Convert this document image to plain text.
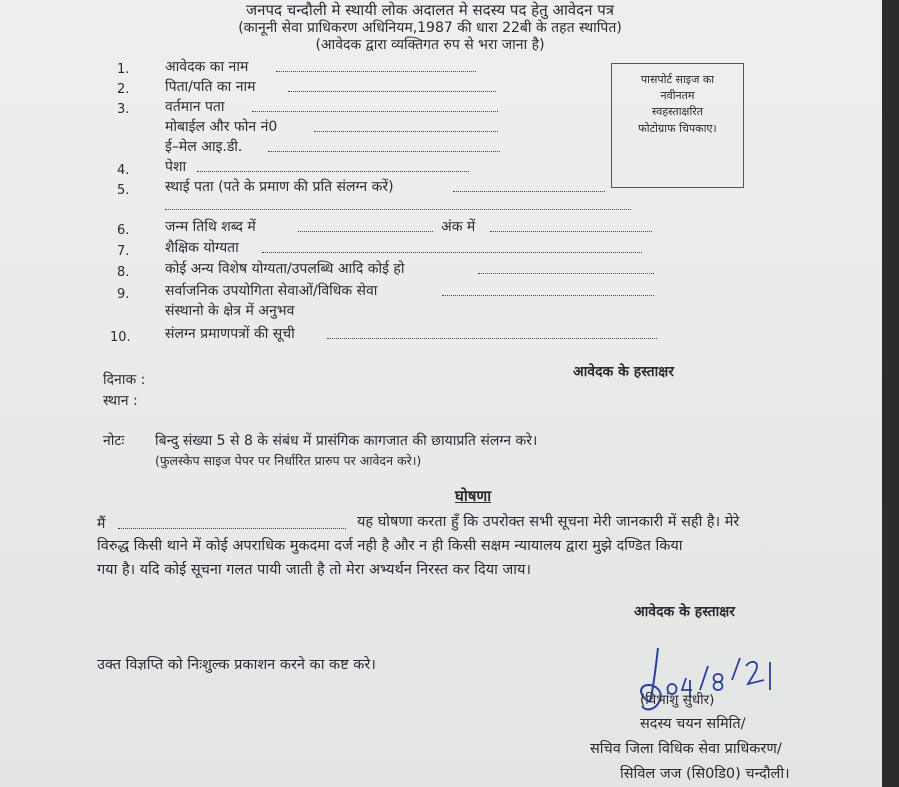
जनपद चन्दौली मे स्थायी लोक अदालत मे सदस्य पद हेतु आवेदन पत्र
(कानूनी सेवा प्राधिकरण अधिनियम,1987 की धारा 22बी के तहत स्थापित)
(आवेदक द्वारा व्यक्तिगत रुप से भरा जाना है)
पासपोर्ट साइज का
नवीनतम
स्वहस्ताक्षरित
फोटोग्राफ चिपकाए।
1.	आवेदक का नाम
2.	पिता/पति का नाम
3.	वर्तमान पता
मोबाईल और फोन नं0
ई–मेल आइ.डी.
4.	पेशा
5.	स्थाई पता (पते के प्रमाण की प्रति संलग्न करें)
6.	जन्म तिथि शब्द में	अंक में
7.	शैक्षिक योग्यता
8.	कोई अन्य विशेष योग्यता/उपलब्धि आदि कोई हो
9.	सर्वाजनिक उपयोगिता सेवाओं/विधिक सेवा
संस्थानो के क्षेत्र में अनुभव
10. संलग्न प्रमाणपत्रों की सूची
दिनाक :
स्थान :
आवेदक के हस्ताक्षर
नोटः बिन्दु संख्या 5 से 8 के संबंध में प्रासंगिक कागजात की छायाप्रति संलग्न करे।
(फुलस्केप साइज पेपर पर निर्धारित प्रारुप पर आवेदन करे।)
घोषणा
मैं	यह घोषणा करता हुँ कि उपरोक्त सभी सूचना मेरी जानकारी में सही है। मेरे
विरुद्ध किसी थाने में कोई अपराधिक मुकदमा दर्ज नही है और न ही किसी सक्षम न्यायालय द्वारा मुझे दण्डित किया
गया है। यदि कोई सूचना गलत पायी जाती है तो मेरा अभ्यर्थन निरस्त कर दिया जाय।
आवेदक के हस्ताक्षर
उक्त विज्ञप्ति को निःशुल्क प्रकाशन करने का कष्ट करे।
(विभांशु सुधीर)
सदस्य चयन समिति/
सचिव जिला विधिक सेवा प्राधिकरण/
सिविल जज (सि0डि0) चन्दौली।
